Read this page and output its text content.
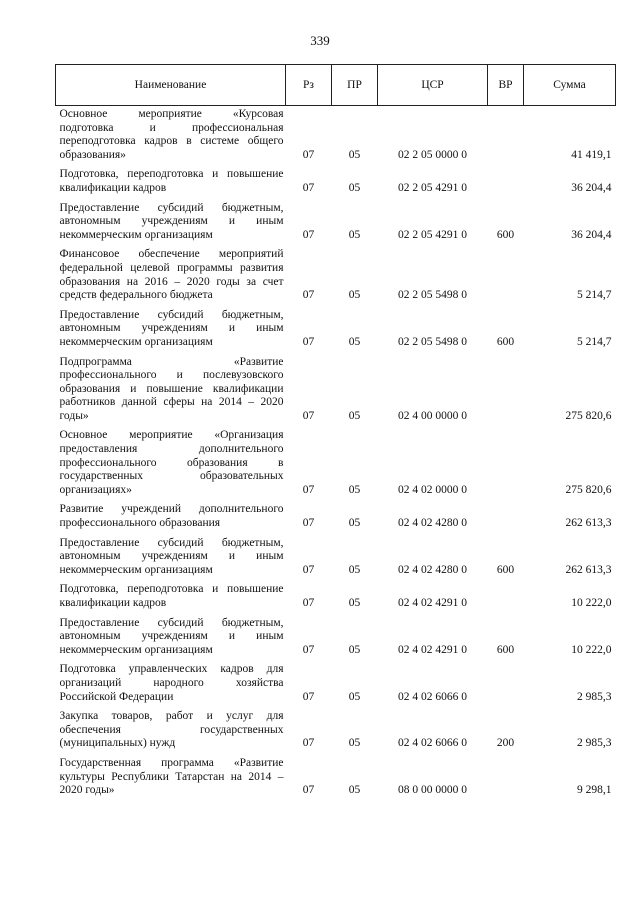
339
Наименование	Рз	ПР	ЦСР	ВР	Сумма
Основное мероприятие «Курсовая подготовка и профессиональная переподготовка кадров в системе общего образования»	07	05	02 2 05 0000 0		41 419,1
Подготовка, переподготовка и повышение квалификации кадров	07	05	02 2 05 4291 0		36 204,4
Предоставление субсидий бюджетным, автономным учреждениям и иным некоммерческим организациям	07	05	02 2 05 4291 0	600	36 204,4
Финансовое обеспечение мероприятий федеральной целевой программы развития образования на 2016 – 2020 годы за счет средств федерального бюджета	07	05	02 2 05 5498 0		5 214,7
Предоставление субсидий бюджетным, автономным учреждениям и иным некоммерческим организациям	07	05	02 2 05 5498 0	600	5 214,7
Подпрограмма «Развитие профессионального и послевузовского образования и повышение квалификации работников данной сферы на 2014 – 2020 годы»	07	05	02 4 00 0000 0		275 820,6
Основное мероприятие «Организация предоставления дополнительного профессионального образования в государственных образовательных организациях»	07	05	02 4 02 0000 0		275 820,6
Развитие учреждений дополнительного профессионального образования	07	05	02 4 02 4280 0		262 613,3
Предоставление субсидий бюджетным, автономным учреждениям и иным некоммерческим организациям	07	05	02 4 02 4280 0	600	262 613,3
Подготовка, переподготовка и повышение квалификации кадров	07	05	02 4 02 4291 0		10 222,0
Предоставление субсидий бюджетным, автономным учреждениям и иным некоммерческим организациям	07	05	02 4 02 4291 0	600	10 222,0
Подготовка управленческих кадров для организаций народного хозяйства Российской Федерации	07	05	02 4 02 6066 0		2 985,3
Закупка товаров, работ и услуг для обеспечения государственных (муниципальных) нужд	07	05	02 4 02 6066 0	200	2 985,3
Государственная программа «Развитие культуры Республики Татарстан на 2014 – 2020 годы»	07	05	08 0 00 0000 0		9 298,1
